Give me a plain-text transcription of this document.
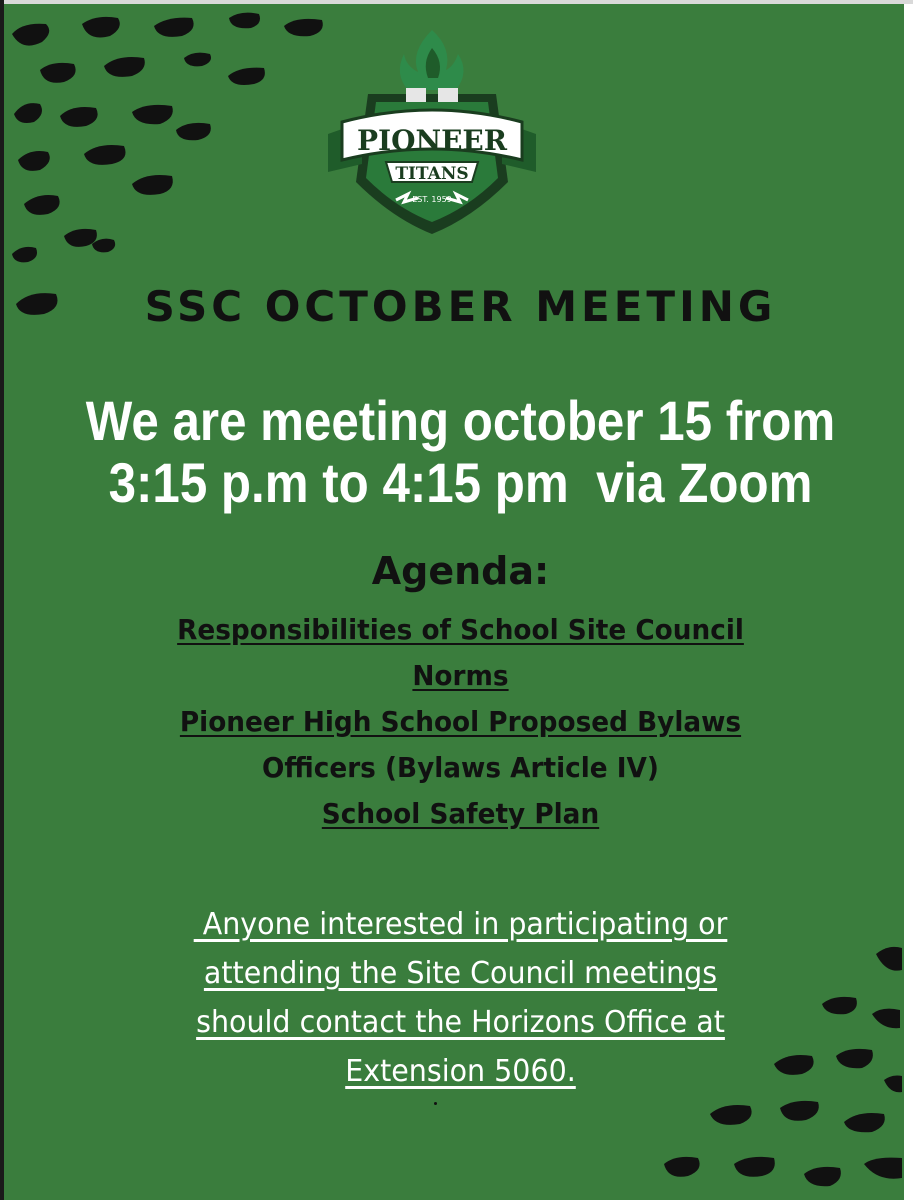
PIONEER
TITANS
EST. 1959
SSC OCTOBER MEETING
We are meeting october 15 from
3:15 p.m to 4:15 pm  via Zoom
Agenda:
Responsibilities of School Site Council
Norms
Pioneer High School Proposed Bylaws
Officers (Bylaws Article IV)
School Safety Plan
Anyone interested in participating or
attending the Site Council meetings
should contact the Horizons Office at
Extension 5060.
